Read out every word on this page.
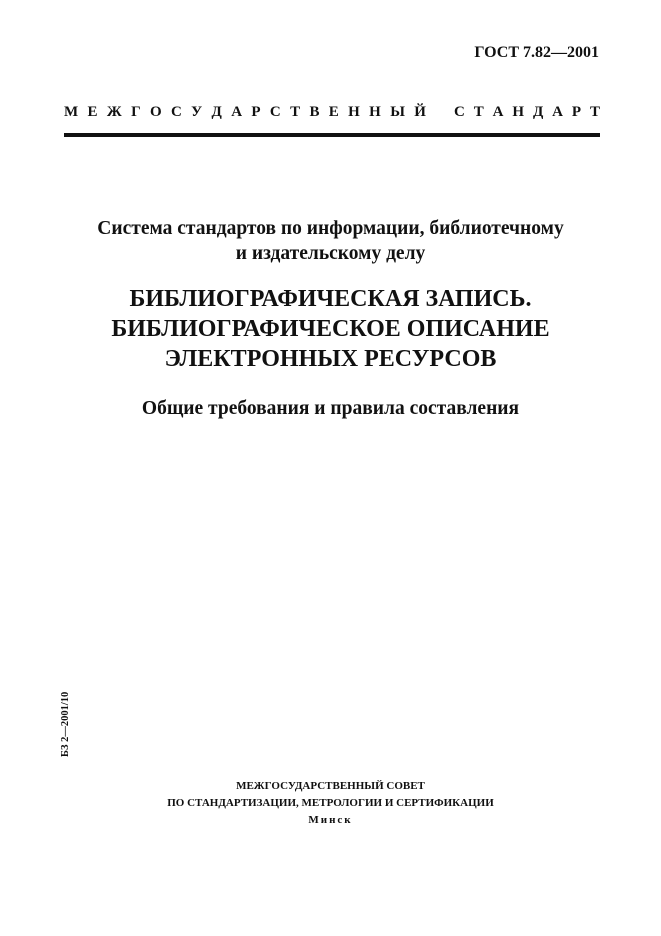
ГОСТ 7.82—2001
М Е Ж Г О С У Д А Р С Т В Е Н Н Ы Й С Т А Н Д А Р Т
Система стандартов по информации, библиотечному
и издательскому делу
БИБЛИОГРАФИЧЕСКАЯ ЗАПИСЬ.
БИБЛИОГРАФИЧЕСКОЕ ОПИСАНИЕ
ЭЛЕКТРОННЫХ РЕСУРСОВ
Общие требования и правила составления
БЗ 2—2001/10
МЕЖГОСУДАРСТВЕННЫЙ СОВЕТ
ПО СТАНДАРТИЗАЦИИ, МЕТРОЛОГИИ И СЕРТИФИКАЦИИ
Минск
